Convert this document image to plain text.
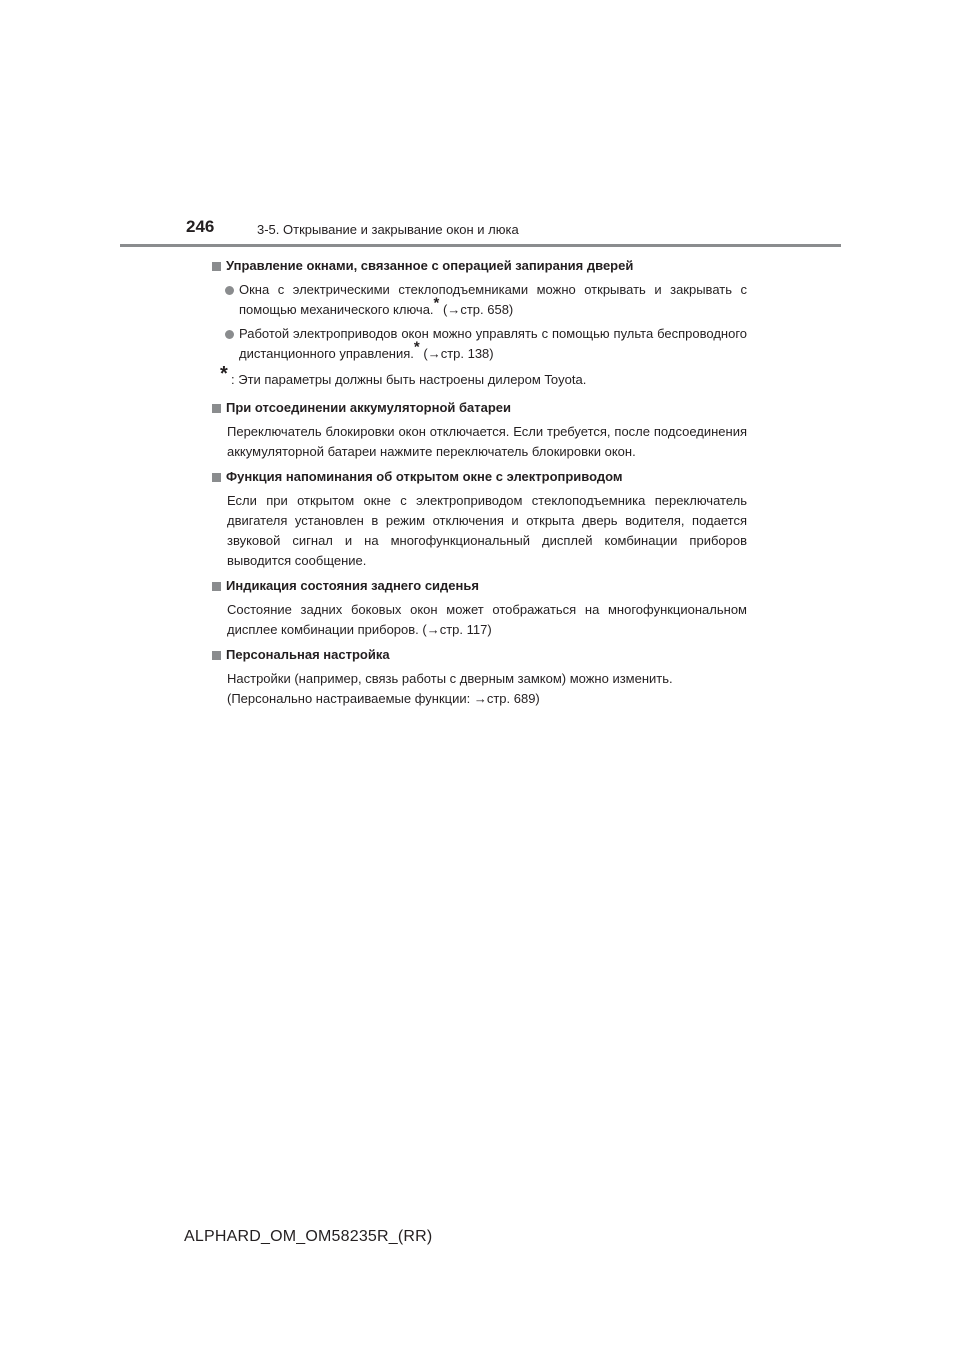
246	3-5. Открывание и закрывание окон и люка
Управление окнами, связанное с операцией запирания дверей
Окна с электрическими стеклоподъемниками можно открывать и закрывать с помощью механического ключа.* (→стр. 658)
Работой электроприводов окон можно управлять с помощью пульта беспроводного дистанционного управления.* (→стр. 138)
* : Эти параметры должны быть настроены дилером Toyota.
При отсоединении аккумуляторной батареи
Переключатель блокировки окон отключается. Если требуется, после подсоединения аккумуляторной батареи нажмите переключатель блокировки окон.
Функция напоминания об открытом окне с электроприводом
Если при открытом окне с электроприводом стеклоподъемника переключатель двигателя установлен в режим отключения и открыта дверь водителя, подается звуковой сигнал и на многофункциональный дисплей комбинации приборов выводится сообщение.
Индикация состояния заднего сиденья
Состояние задних боковых окон может отображаться на многофункциональном дисплее комбинации приборов. (→стр. 117)
Персональная настройка
Настройки (например, связь работы с дверным замком) можно изменить.
(Персонально настраиваемые функции: →стр. 689)
ALPHARD_OM_OM58235R_(RR)
